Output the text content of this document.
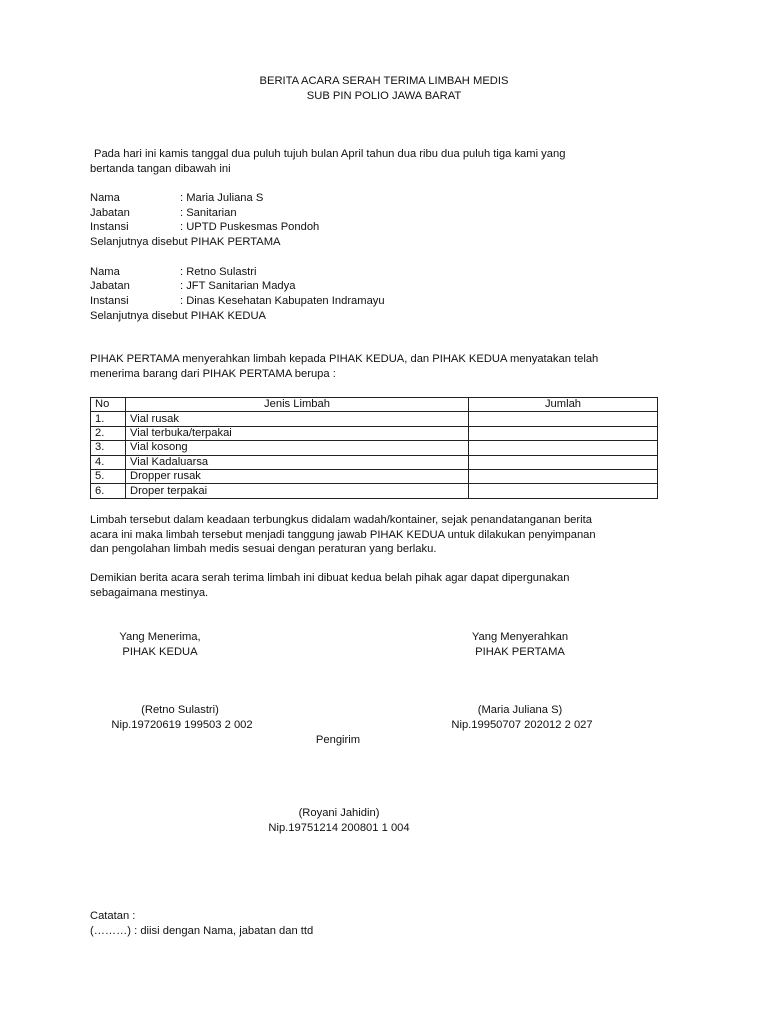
BERITA ACARA SERAH TERIMA LIMBAH MEDIS
SUB PIN POLIO JAWA BARAT
Pada hari ini kamis tanggal dua puluh tujuh bulan April tahun dua ribu dua puluh tiga kami yang
bertanda tangan dibawah ini
Nama	: Maria Juliana S
Jabatan	: Sanitarian
Instansi	: UPTD Puskesmas Pondoh
Selanjutnya disebut PIHAK PERTAMA
Nama	: Retno Sulastri
Jabatan	: JFT Sanitarian Madya
Instansi	: Dinas Kesehatan Kabupaten Indramayu
Selanjutnya disebut PIHAK KEDUA
PIHAK PERTAMA menyerahkan limbah kepada PIHAK KEDUA, dan PIHAK KEDUA menyatakan telah
menerima barang dari PIHAK PERTAMA berupa :
No	Jenis Limbah	Jumlah
1.	Vial rusak	
2.	Vial terbuka/terpakai	
3.	Vial kosong	
4.	Vial Kadaluarsa	
5.	Dropper rusak	
6.	Droper terpakai	
Limbah tersebut dalam keadaan terbungkus didalam wadah/kontainer, sejak penandatanganan berita
acara ini maka limbah tersebut menjadi tanggung jawab PIHAK KEDUA untuk dilakukan penyimpanan
dan pengolahan limbah medis sesuai dengan peraturan yang berlaku.
Demikian berita acara serah terima limbah ini dibuat kedua belah pihak agar dapat dipergunakan
sebagaimana mestinya.
Yang Menerima,
PIHAK KEDUA
(Retno Sulastri)
Nip.19720619 199503 2 002
Yang Menyerahkan
PIHAK PERTAMA
(Maria Juliana S)
Nip.19950707 202012 2 027
Pengirim
(Royani Jahidin)
Nip.19751214 200801 1 004
Catatan :
(………) : diisi dengan Nama, jabatan dan ttd
